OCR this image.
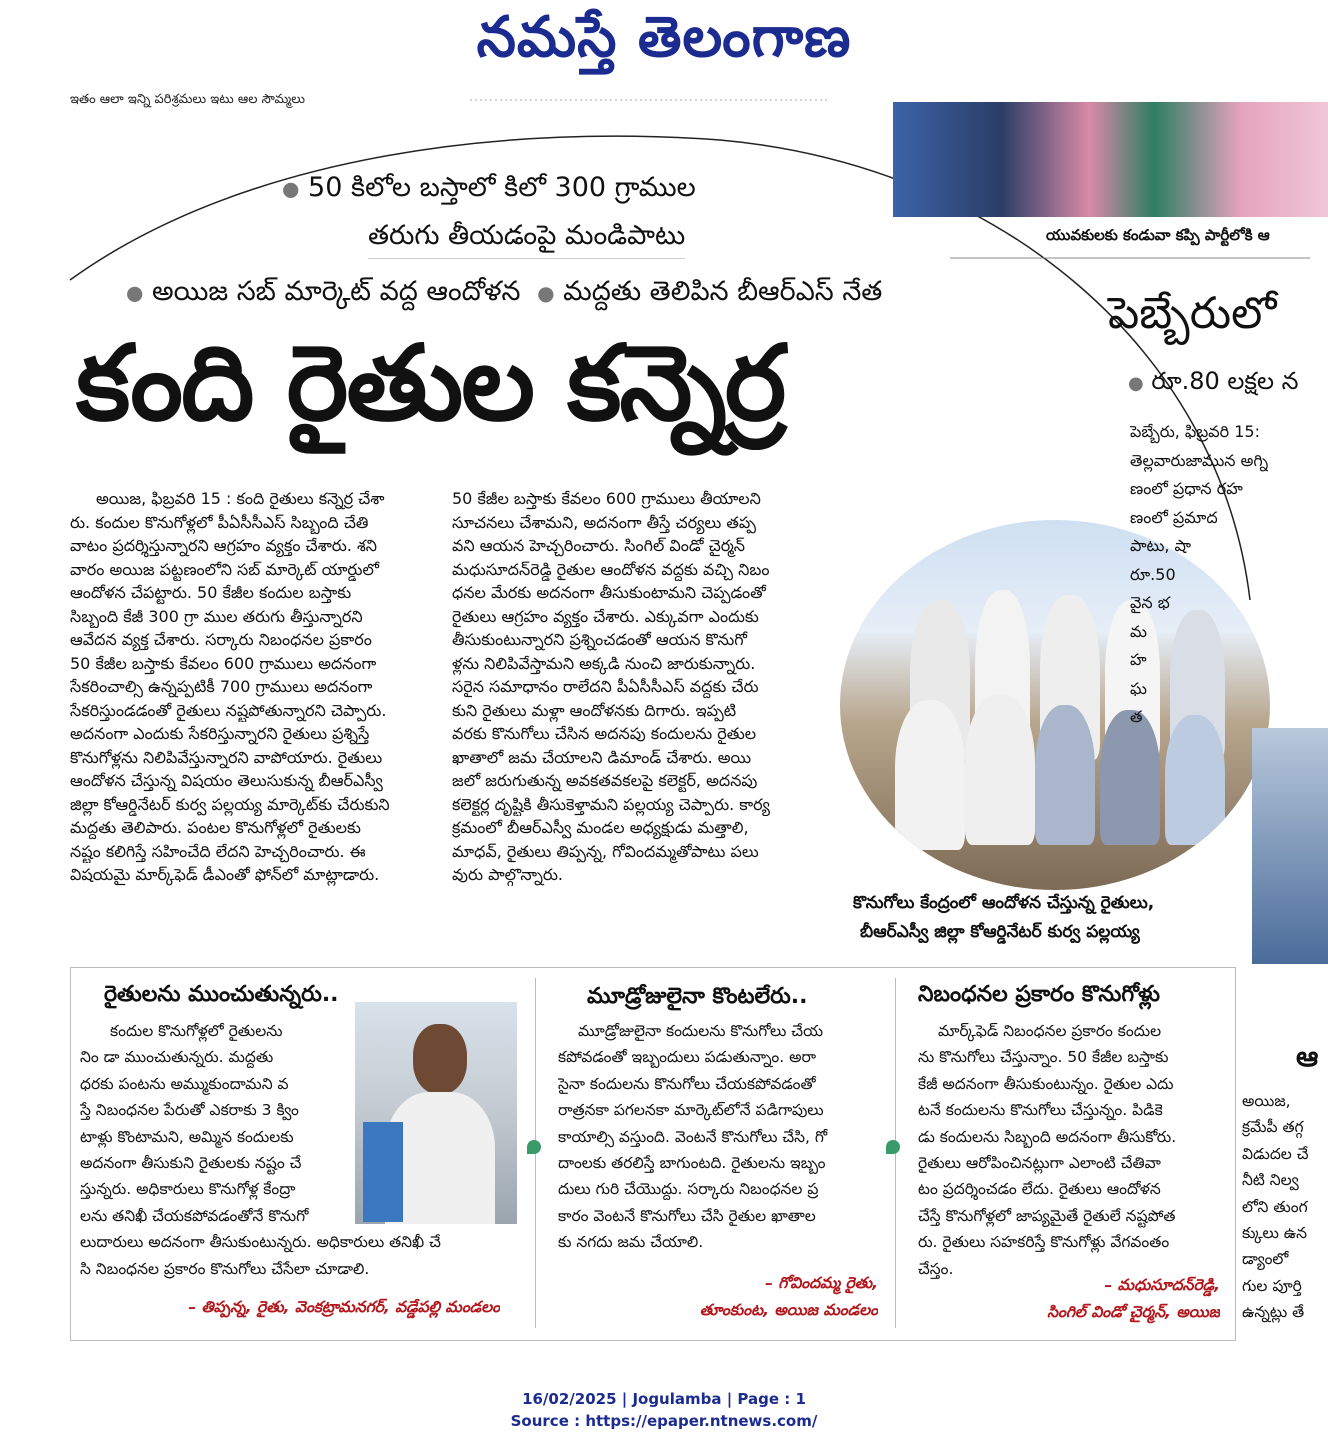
నమస్తే తెలంగాణ
ఇతం ఆలా ఇన్ని పరిశ్రమలు ఇటు ఆల సౌమ్మలు
● 50 కిలోల బస్తాలో కిలో 300 గ్రాముల
తరుగు తీయడంపై మండిపాటు
● అయిజ సబ్ మార్కెట్ వద్ద ఆందోళన ● మద్దతు తెలిపిన బీఆర్ఎస్ నేత
కంది రైతుల కన్నెర్ర
అయిజ, ఫిబ్రవరి 15 : కంది రైతులు కన్నెర్ర చేశా
రు. కందుల కొనుగోళ్లలో పీఏసీసీఎస్ సిబ్బంది చేతి
వాటం ప్రదర్శిస్తున్నారని ఆగ్రహం వ్యక్తం చేశారు. శని
వారం అయిజ పట్టణంలోని సబ్ మార్కెట్ యార్డులో
ఆందోళన చేపట్టారు. 50 కేజీల కందుల బస్తాకు
సిబ్బంది కేజీ 300 గ్రా ముల తరుగు తీస్తున్నారని
ఆవేదన వ్యక్త చేశారు. సర్కారు నిబంధనల ప్రకారం
50 కేజీల బస్తాకు కేవలం 600 గ్రాములు అదనంగా
సేకరించాల్సి ఉన్నప్పటికీ 700 గ్రాములు అదనంగా
సేకరిస్తుండడంతో రైతులు నష్టపోతున్నారని చెప్పారు.
అదనంగా ఎందుకు సేకరిస్తున్నారని రైతులు ప్రశ్నిస్తే
కొనుగోళ్లను నిలిపివేస్తున్నారని వాపోయారు. రైతులు
ఆందోళన చేస్తున్న విషయం తెలుసుకున్న బీఆర్ఎస్వీ
జిల్లా కోఆర్డినేటర్ కుర్వ పల్లయ్య మార్కెట్‌కు చేరుకుని
మద్దతు తెలిపారు. పంటల కొనుగోళ్లలో రైతులకు
నష్టం కలిగిస్తే సహించేది లేదని హెచ్చరించారు. ఈ
విషయమై మార్క్‌ఫెడ్ డీఎంతో ఫోన్‌లో మాట్లాడారు.
50 కేజీల బస్తాకు కేవలం 600 గ్రాములు తీయాలని
సూచనలు చేశామని, అదనంగా తీస్తే చర్యలు తప్ప
వని ఆయన హెచ్చరించారు. సింగిల్ విండో చైర్మన్
మధుసూదన్‌రెడ్డి రైతుల ఆందోళన వద్దకు వచ్చి నిబం
ధనల మేరకు అదనంగా తీసుకుంటామని చెప్పడంతో
రైతులు ఆగ్రహం వ్యక్తం చేశారు. ఎక్కువగా ఎందుకు
తీసుకుంటున్నారని ప్రశ్నించడంతో ఆయన కొనుగో
ళ్లను నిలిపివేస్తామని అక్కడి నుంచి జారుకున్నారు.
సరైన సమాధానం రాలేదని పీఏసీసీఎస్ వద్దకు చేరు
కుని రైతులు మళ్లా ఆందోళనకు దిగారు. ఇప్పటి
వరకు కొనుగోలు చేసిన అదనపు కందులను రైతుల
ఖాతాలో జమ చేయాలని డిమాండ్ చేశారు. అయి
జలో జరుగుతున్న అవకతవకలపై కలెక్టర్, అదనపు
కలెక్టర్ల దృష్టికి తీసుకెళ్తామని పల్లయ్య చెప్పారు. కార్య
క్రమంలో బీఆర్ఎస్వీ మండల అధ్యక్షుడు మత్తాలి,
మాధవ్, రైతులు తిప్పన్న, గోవిందమ్మతోపాటు పలు
వురు పాల్గొన్నారు.
కొనుగోలు కేంద్రంలో ఆందోళన చేస్తున్న రైతులు,
బీఆర్ఎస్వీ జిల్లా కోఆర్డినేటర్ కుర్వ పల్లయ్య
యువకులకు కండువా కప్పి పార్టీలోకి ఆ
పెబ్బేరులో
● రూ.80 లక్షల న
పెబ్బేరు, ఫిబ్రవరి 15:
తెల్లవారుజామున అగ్ని
ణంలో ప్రధాన రహ
ణంలో ప్రమాద
పాటు, షా
రూ.50
వైన భ
మ
హ
ఘ
త
రైతులను ముంచుతున్నరు..
కందుల కొనుగోళ్లలో రైతులను
నిం డా ముంచుతున్నరు. మద్దతు
ధరకు పంటను అమ్ముకుందామని వ
స్తే నిబంధనల పేరుతో ఎకరాకు 3 క్విం
టాళ్లు కొంటామని, అమ్మిన కందులకు
అదనంగా తీసుకుని రైతులకు నష్టం చే
స్తున్నరు. అధికారులు కొనుగోళ్ల కేంద్రా
లను తనిఖీ చేయకపోవడంతోనే కొనుగో
లుదారులు అదనంగా తీసుకుంటున్నరు. అధికారులు తనిఖీ చే
సి నిబంధనల ప్రకారం కొనుగోలు చేసేలా చూడాలి.
– తిప్పన్న, రైతు, వెంకట్రామనగర్, వడ్డేపల్లి మండలం
మూడ్రోజులైనా కొంటలేరు..
మూడ్రోజులైనా కందులను కొనుగోలు చేయ
కపోవడంతో ఇబ్బందులు పడుతున్నాం. అరా
సైనా కందులను కొనుగోలు చేయకపోవడంతో
రాత్రనకా పగలనకా మార్కెట్‌లోనే పడిగాపులు
కాయాల్సి వస్తుంది. వెంటనే కొనుగోలు చేసి, గో
దాంలకు తరలిస్తే బాగుంటది. రైతులను ఇబ్బం
దులు గురి చేయొద్దు. సర్కారు నిబంధనల ప్ర
కారం వెంటనే కొనుగోలు చేసి రైతుల ఖాతాల
కు నగదు జమ చేయాలి.
– గోవిందమ్మ రైతు,
తూంకుంట, అయిజ మండలం
నిబంధనల ప్రకారం కొనుగోళ్లు
మార్క్‌ఫెడ్ నిబంధనల ప్రకారం కందుల
ను కొనుగోలు చేస్తున్నాం. 50 కేజీల బస్తాకు
కేజీ అదనంగా తీసుకుంటున్నం. రైతుల ఎదు
టనే కందులను కొనుగోలు చేస్తున్నం. పిడికె
డు కందులను సిబ్బంది అదనంగా తీసుకోరు.
రైతులు ఆరోపించినట్లుగా ఎలాంటి చేతివా
టం ప్రదర్శించడం లేదు. రైతులు ఆందోళన
చేస్తే కొనుగోళ్లలో జాప్యమైతే రైతులే నష్టపోత
రు. రైతులు సహకరిస్తే కొనుగోళ్లు వేగవంతం
చేస్తం.
– మధుసూదన్‌రెడ్డి,
సింగిల్ విండో చైర్మన్, అయిజ
ఆ
అయిజ,
క్రమేపీ తగ్గ
విడుదల చే
నీటి నిల్వ
లోని తుంగ
క్కులు ఉన
డ్యాంలో
గుల పూర్తి
ఉన్నట్లు తే
16/02/2025 | Jogulamba | Page : 1
Source : https://epaper.ntnews.com/
